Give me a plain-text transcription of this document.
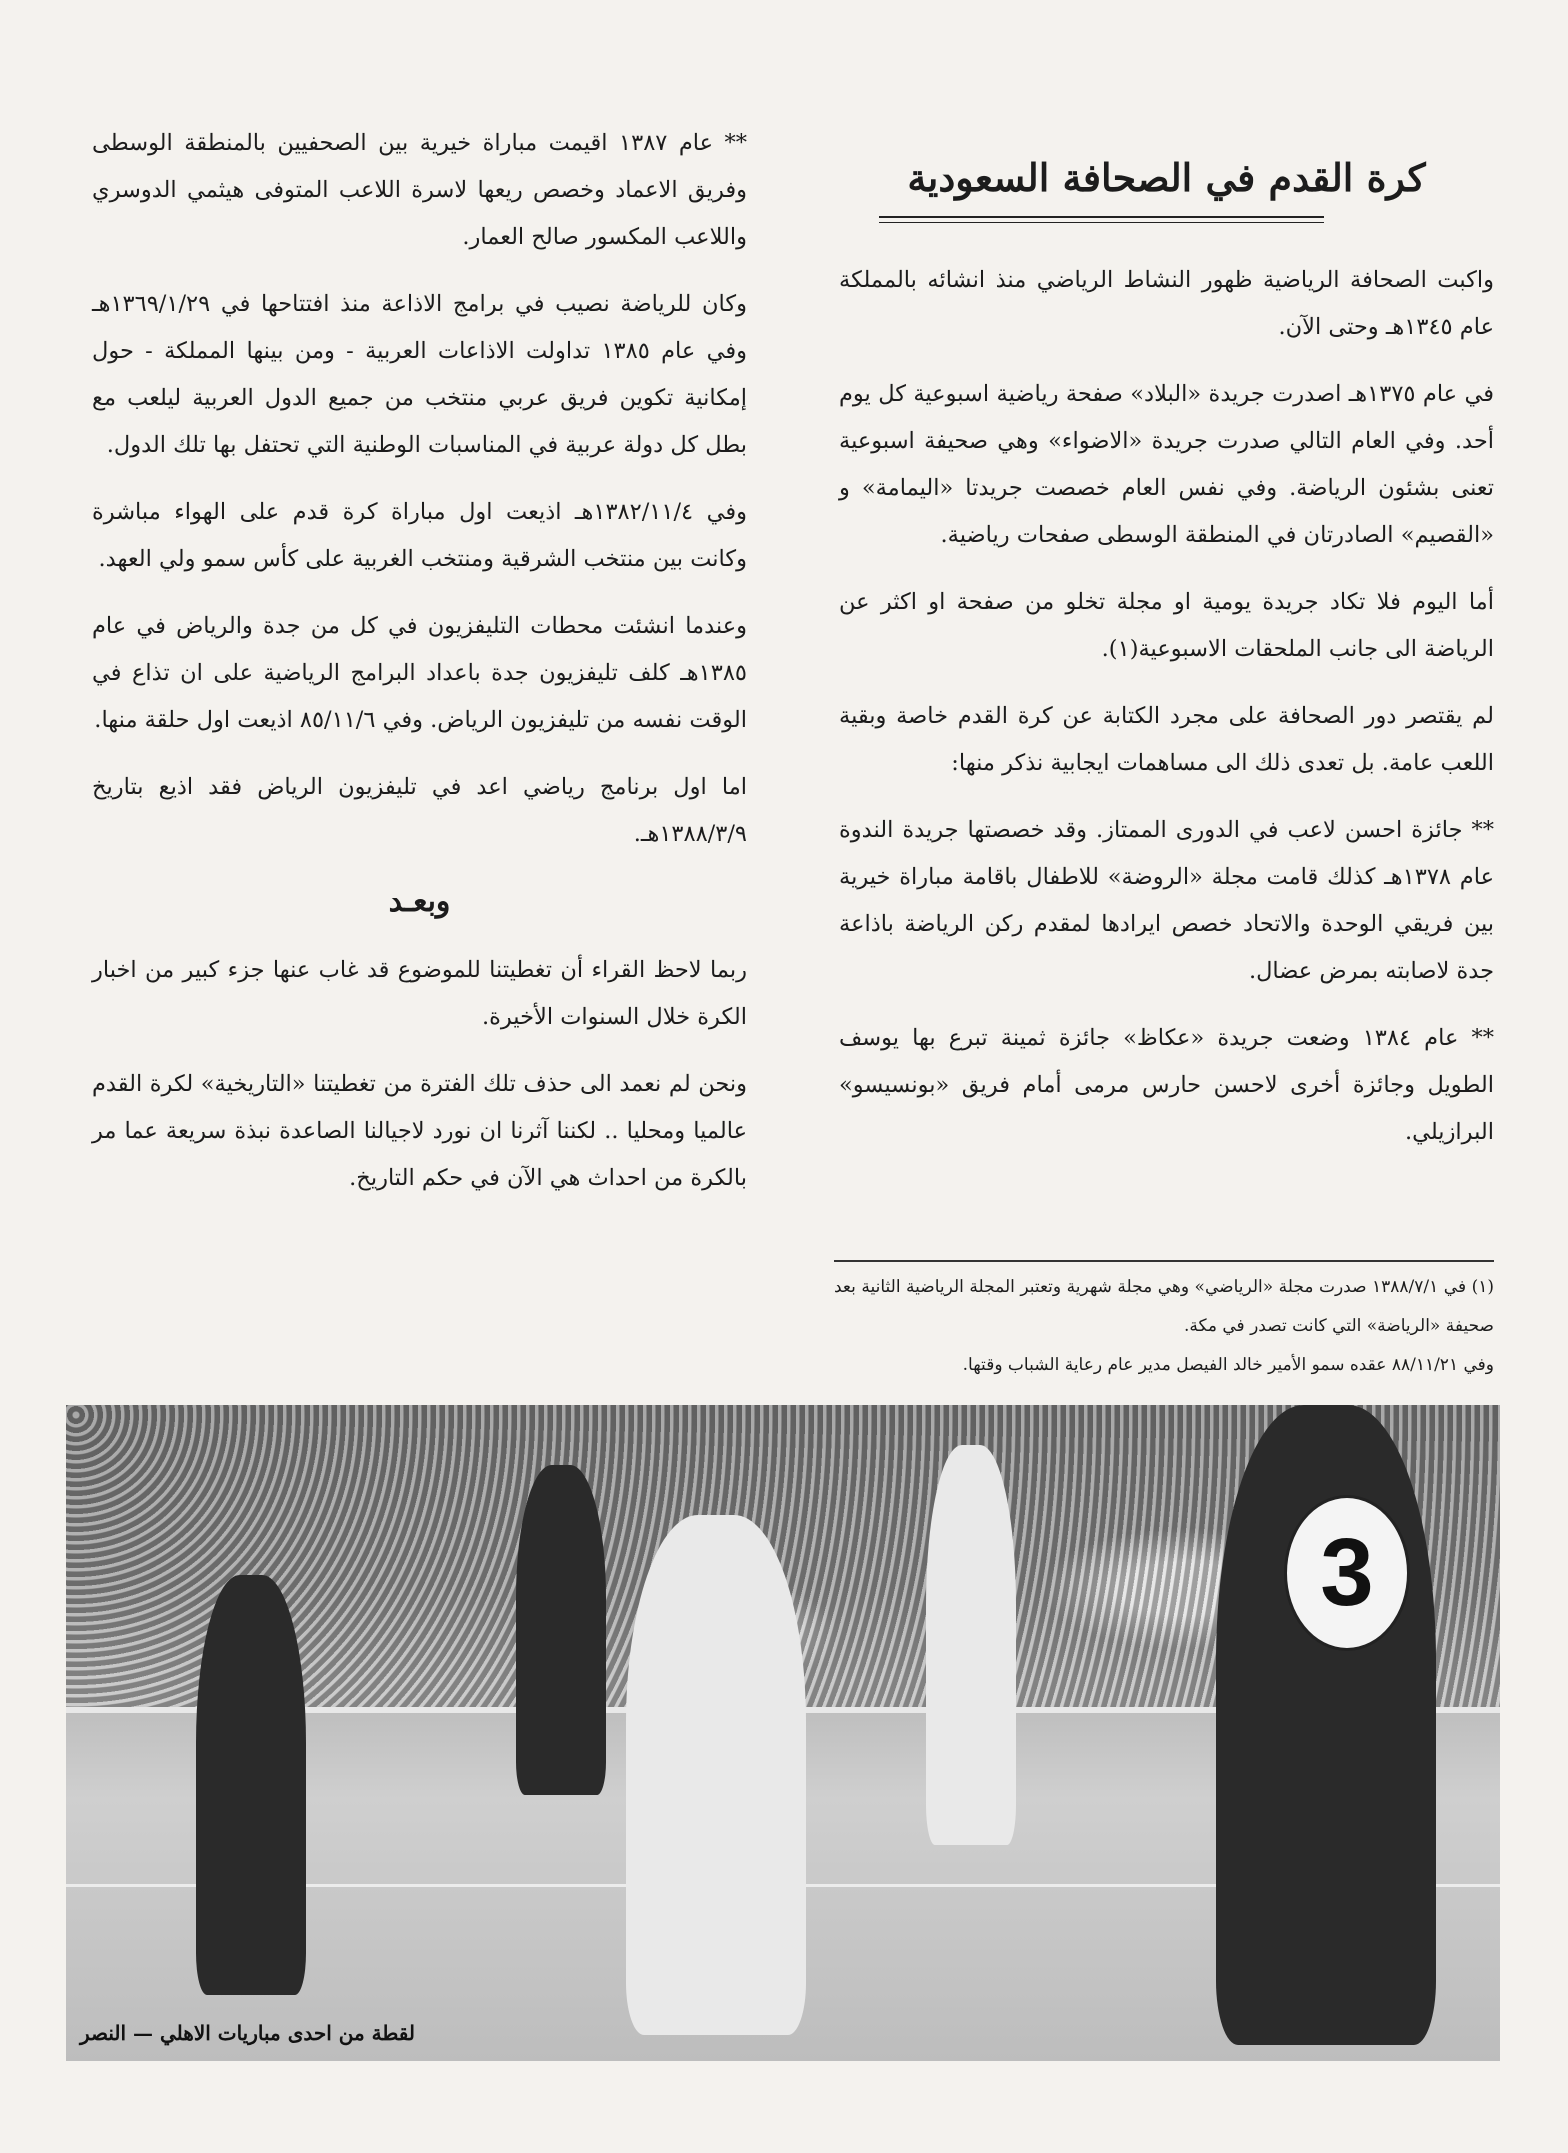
كرة القدم في الصحافة السعودية

واكبت الصحافة الرياضية ظهور النشاط الرياضي منذ انشائه بالمملكة عام ١٣٤٥هـ وحتى الآن.

في عام ١٣٧٥هـ اصدرت جريدة «البلاد» صفحة رياضية اسبوعية كل يوم أحد. وفي العام التالي صدرت جريدة «الاضواء» وهي صحيفة اسبوعية تعنى بشئون الرياضة. وفي نفس العام خصصت جريدتا «اليمامة» و «القصيم» الصادرتان في المنطقة الوسطى صفحات رياضية.

أما اليوم فلا تكاد جريدة يومية او مجلة تخلو من صفحة او اكثر عن الرياضة الى جانب الملحقات الاسبوعية(١).

لم يقتصر دور الصحافة على مجرد الكتابة عن كرة القدم خاصة وبقية اللعب عامة. بل تعدى ذلك الى مساهمات ايجابية نذكر منها:

** جائزة احسن لاعب في الدورى الممتاز. وقد خصصتها جريدة الندوة عام ١٣٧٨هـ كذلك قامت مجلة «الروضة» للاطفال باقامة مباراة خيرية بين فريقي الوحدة والاتحاد خصص ايرادها لمقدم ركن الرياضة باذاعة جدة لاصابته بمرض عضال.

** عام ١٣٨٤ وضعت جريدة «عكاظ» جائزة ثمينة تبرع بها يوسف الطويل وجائزة أخرى لاحسن حارس مرمى أمام فريق «بونسيسو» البرازيلي.

(١) في ١٣٨٨/٧/١ صدرت مجلة «الرياضي» وهي مجلة شهرية وتعتبر المجلة الرياضية الثانية بعد صحيفة «الرياضة» التي كانت تصدر في مكة.

وفي ٨٨/١١/٢١ عقده سمو الأمير خالد الفيصل مدير عام رعاية الشباب وقتها.

** عام ١٣٨٧ اقيمت مباراة خيرية بين الصحفيين بالمنطقة الوسطى وفريق الاعماد وخصص ريعها لاسرة اللاعب المتوفى هيثمي الدوسري واللاعب المكسور صالح العمار.

وكان للرياضة نصيب في برامج الاذاعة منذ افتتاحها في ١٣٦٩/١/٢٩هـ وفي عام ١٣٨٥ تداولت الاذاعات العربية - ومن بينها المملكة - حول إمكانية تكوين فريق عربي منتخب من جميع الدول العربية ليلعب مع بطل كل دولة عربية في المناسبات الوطنية التي تحتفل بها تلك الدول.

وفي ١٣٨٢/١١/٤هـ اذيعت اول مباراة كرة قدم على الهواء مباشرة وكانت بين منتخب الشرقية ومنتخب الغربية على كأس سمو ولي العهد.

وعندما انشئت محطات التليفزيون في كل من جدة والرياض في عام ١٣٨٥هـ كلف تليفزيون جدة باعداد البرامج الرياضية على ان تذاع في الوقت نفسه من تليفزيون الرياض. وفي ٨٥/١١/٦ اذيعت اول حلقة منها.

اما اول برنامج رياضي اعد في تليفزيون الرياض فقد اذيع بتاريخ ١٣٨٨/٣/٩هـ.

وبعـد

ربما لاحظ القراء أن تغطيتنا للموضوع قد غاب عنها جزء كبير من اخبار الكرة خلال السنوات الأخيرة.

ونحن لم نعمد الى حذف تلك الفترة من تغطيتنا «التاريخية» لكرة القدم عالميا ومحليا .. لكننا آثرنا ان نورد لاجيالنا الصاعدة نبذة سريعة عما مر بالكرة من احداث هي الآن في حكم التاريخ.

3
لقطة من احدى مباريات الاهلي — النصر
